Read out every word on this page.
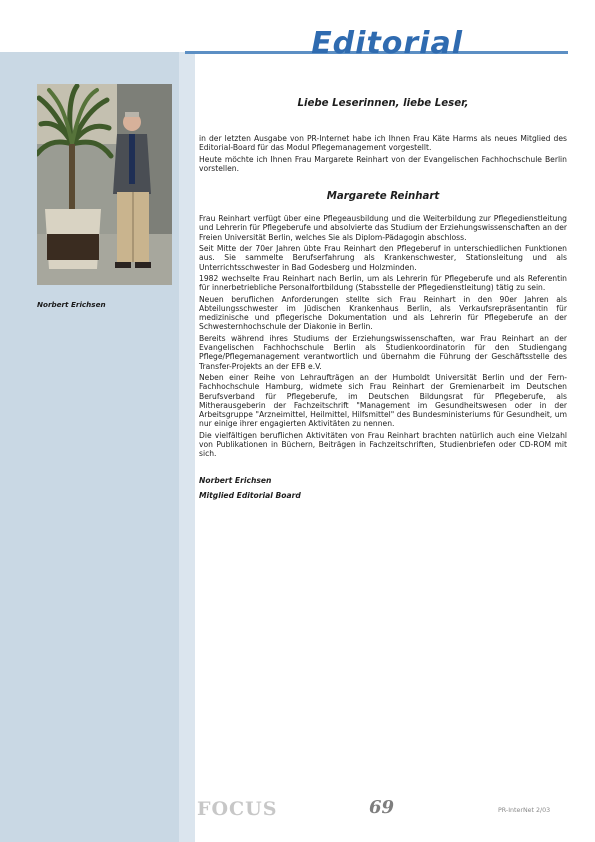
Editorial
Norbert Erichsen
Liebe Leserinnen, liebe Leser,

in der letzten Ausgabe von PR-Internet habe ich Ihnen Frau Käte Harms als neues Mitglied des Editorial-Board für das Modul Pflegemanagement vorgestellt.

Heute möchte ich Ihnen Frau Margarete Reinhart von der Evangelischen Fachhochschule Berlin vorstellen.

Margarete Reinhart

Frau Reinhart verfügt über eine Pflegeausbildung und die Weiterbildung zur Pflegedienstleitung und Lehrerin für Pflegeberufe und absolvierte das Studium der Erziehungswissenschaften an der Freien Universität Berlin, welches Sie als Diplom-Pädagogin abschloss.

Seit Mitte der 70er Jahren übte Frau Reinhart den Pflegeberuf in unterschiedlichen Funktionen aus. Sie sammelte Berufserfahrung als Krankenschwester, Stationsleitung und als Unterrichtsschwester in Bad Godesberg und Holzminden.

1982 wechselte Frau Reinhart nach Berlin, um als Lehrerin für Pflegeberufe und als Referentin für innerbetriebliche Personalfortbildung (Stabsstelle der Pflegedienstleitung) tätig zu sein.

Neuen beruflichen Anforderungen stellte sich Frau Reinhart in den 90er Jahren als Abteilungsschwester im Jüdischen Krankenhaus Berlin, als Verkaufsrepräsentantin für medizinische und pflegerische Dokumentation und als Lehrerin für Pflegeberufe an der Schwesternhochschule der Diakonie in Berlin.

Bereits während ihres Studiums der Erziehungswissenschaften, war Frau Reinhart an der Evangelischen Fachhochschule Berlin als Studienkoordinatorin für den Studiengang Pflege/Pflegemanagement verantwortlich und übernahm die Führung der Geschäftsstelle des Transfer-Projekts an der EFB e.V.

Neben einer Reihe von Lehraufträgen an der Humboldt Universität Berlin und der Fern-Fachhochschule Hamburg, widmete sich Frau Reinhart der Gremienarbeit im Deutschen Berufsverband für Pflegeberufe, im Deutschen Bildungsrat für Pflegeberufe, als Mitherausgeberin der Fachzeitschrift "Management im Gesundheitswesen oder in der Arbeitsgruppe "Arzneimittel, Heilmittel, Hilfsmittel" des Bundesministeriums für Gesundheit, um nur einige ihrer engagierten Aktivitäten zu nennen.

Die vielfältigen beruflichen Aktivitäten von Frau Reinhart brachten natürlich auch eine Vielzahl von Publikationen in Büchern, Beiträgen in Fachzeitschriften, Studienbriefen oder CD-ROM mit sich.

Norbert Erichsen
Mitglied Editorial Board
FOCUS	69	PR-InterNet 2/03
